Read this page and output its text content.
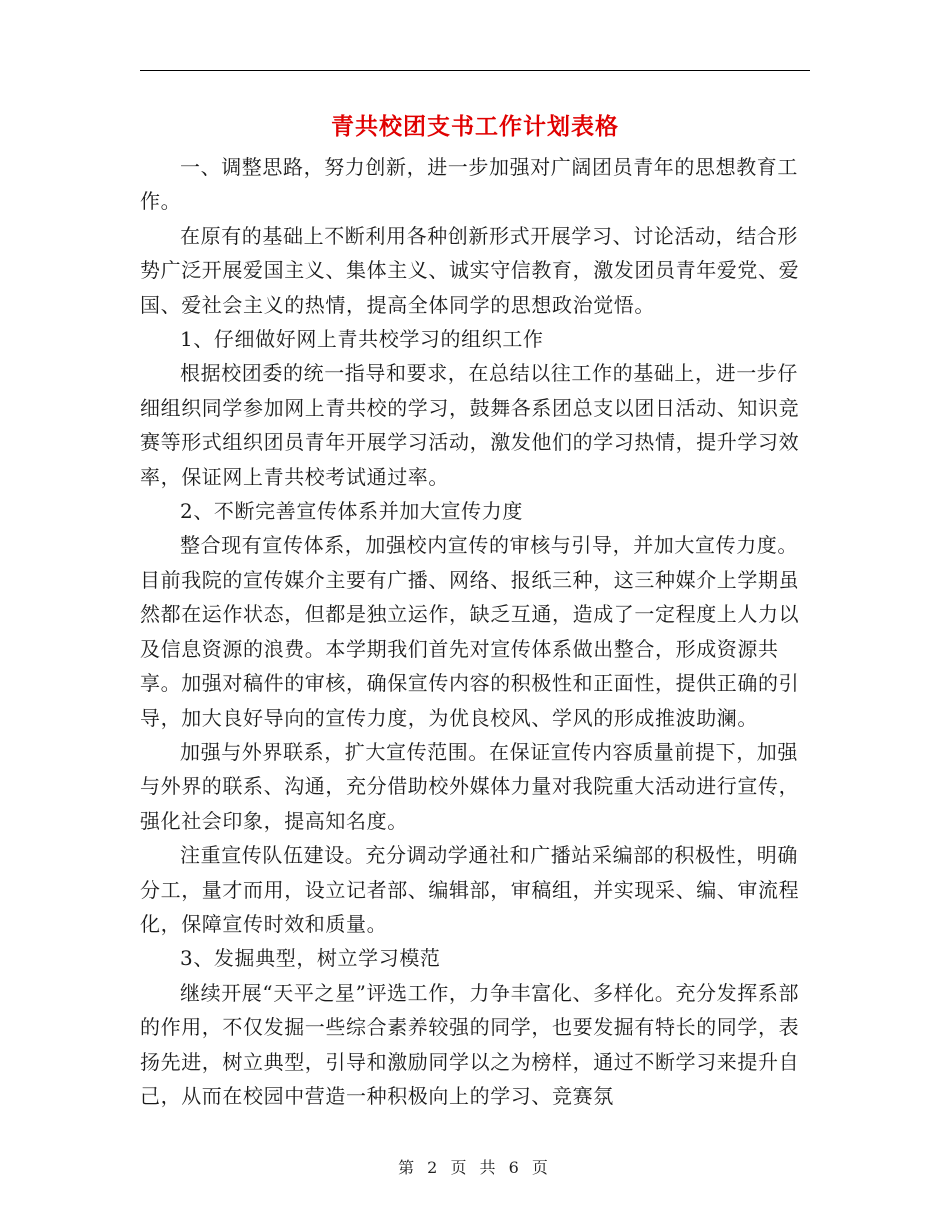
青共校团支书工作计划表格

一、调整思路，努力创新，进一步加强对广阔团员青年的思想教育工作。

在原有的基础上不断利用各种创新形式开展学习、讨论活动，结合形势广泛开展爱国主义、集体主义、诚实守信教育，激发团员青年爱党、爱国、爱社会主义的热情，提高全体同学的思想政治觉悟。

1、仔细做好网上青共校学习的组织工作

根据校团委的统一指导和要求，在总结以往工作的基础上，进一步仔细组织同学参加网上青共校的学习，鼓舞各系团总支以团日活动、知识竞赛等形式组织团员青年开展学习活动，激发他们的学习热情，提升学习效率，保证网上青共校考试通过率。

2、不断完善宣传体系并加大宣传力度

整合现有宣传体系，加强校内宣传的审核与引导，并加大宣传力度。目前我院的宣传媒介主要有广播、网络、报纸三种，这三种媒介上学期虽然都在运作状态，但都是独立运作，缺乏互通，造成了一定程度上人力以及信息资源的浪费。本学期我们首先对宣传体系做出整合，形成资源共享。加强对稿件的审核，确保宣传内容的积极性和正面性，提供正确的引导，加大良好导向的宣传力度，为优良校风、学风的形成推波助澜。

加强与外界联系，扩大宣传范围。在保证宣传内容质量前提下，加强与外界的联系、沟通，充分借助校外媒体力量对我院重大活动进行宣传，强化社会印象，提高知名度。

注重宣传队伍建设。充分调动学通社和广播站采编部的积极性，明确分工，量才而用，设立记者部、编辑部，审稿组，并实现采、编、审流程化，保障宣传时效和质量。

3、发掘典型，树立学习模范

继续开展“天平之星”评选工作，力争丰富化、多样化。充分发挥系部的作用，不仅发掘一些综合素养较强的同学，也要发掘有特长的同学，表扬先进，树立典型，引导和激励同学以之为榜样，通过不断学习来提升自己，从而在校园中营造一种积极向上的学习、竞赛氛

第 2 页 共 6 页
